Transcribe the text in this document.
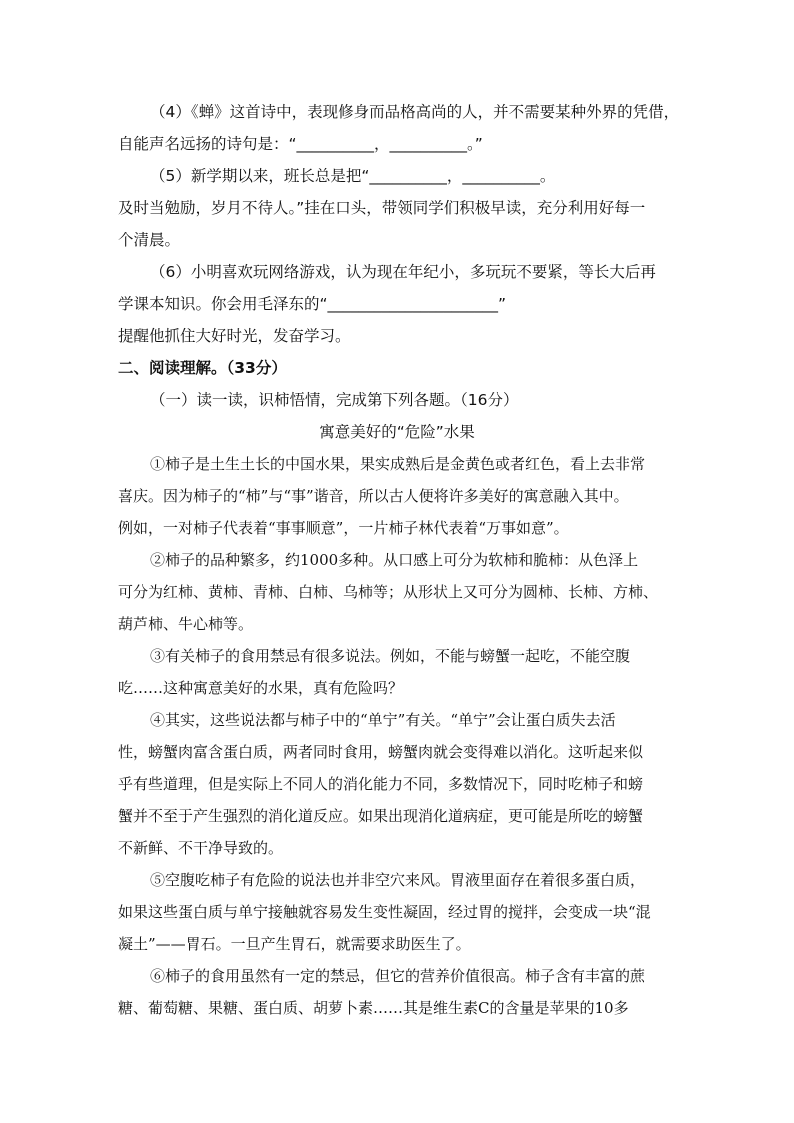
（4）《蝉》这首诗中，表现修身而品格高尚的人，并不需要某种外界的凭借，
自能声名远扬的诗句是：“__________，__________。”
（5）新学期以来，班长总是把“__________，__________。
及时当勉励，岁月不待人。”挂在口头，带领同学们积极早读，充分利用好每一
个清晨。
（6）小明喜欢玩网络游戏，认为现在年纪小，多玩玩不要紧，等长大后再
学课本知识。你会用毛泽东的“______________________”
提醒他抓住大好时光，发奋学习。
二、阅读理解。（33分）
（一）读一读，识柿悟情，完成第下列各题。（16分）
寓意美好的“危险”水果
①柿子是土生土长的中国水果，果实成熟后是金黄色或者红色，看上去非常
喜庆。因为柿子的“柿”与“事”谐音，所以古人便将许多美好的寓意融入其中。
例如，一对柿子代表着“事事顺意”，一片柿子林代表着“万事如意”。
②柿子的品种繁多，约1000多种。从口感上可分为软柿和脆柿：从色泽上
可分为红柿、黄柿、青柿、白柿、乌柿等；从形状上又可分为圆柿、长柿、方柿、
葫芦柿、牛心柿等。
③有关柿子的食用禁忌有很多说法。例如，不能与螃蟹一起吃，不能空腹
吃……这种寓意美好的水果，真有危险吗？
④其实，这些说法都与柿子中的“单宁”有关。“单宁”会让蛋白质失去活
性，螃蟹肉富含蛋白质，两者同时食用，螃蟹肉就会变得难以消化。这听起来似
乎有些道理，但是实际上不同人的消化能力不同，多数情况下，同时吃柿子和螃
蟹并不至于产生强烈的消化道反应。如果出现消化道病症，更可能是所吃的螃蟹
不新鲜、不干净导致的。
⑤空腹吃柿子有危险的说法也并非空穴来风。胃液里面存在着很多蛋白质，
如果这些蛋白质与单宁接触就容易发生变性凝固，经过胃的搅拌，会变成一块“混
凝土”——胃石。一旦产生胃石，就需要求助医生了。
⑥柿子的食用虽然有一定的禁忌，但它的营养价值很高。柿子含有丰富的蔗
糖、葡萄糖、果糖、蛋白质、胡萝卜素……其是维生素C的含量是苹果的10多
